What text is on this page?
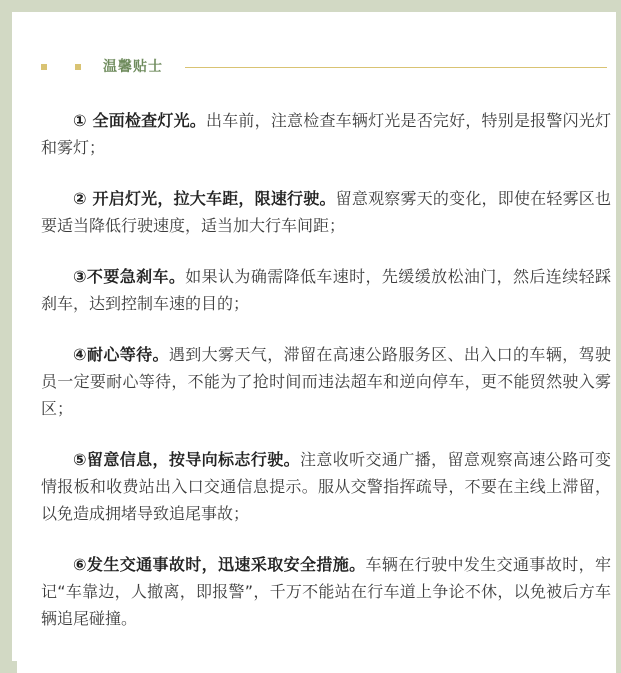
温馨贴士

① 全面检查灯光。出车前，注意检查车辆灯光是否完好，特别是报警闪光灯和雾灯；

② 开启灯光，拉大车距，限速行驶。留意观察雾天的变化，即使在轻雾区也要适当降低行驶速度，适当加大行车间距；

③不要急刹车。如果认为确需降低车速时，先缓缓放松油门，然后连续轻踩刹车，达到控制车速的目的；

④耐心等待。遇到大雾天气，滞留在高速公路服务区、出入口的车辆，驾驶员一定要耐心等待，不能为了抢时间而违法超车和逆向停车，更不能贸然驶入雾区；

⑤留意信息，按导向标志行驶。注意收听交通广播，留意观察高速公路可变情报板和收费站出入口交通信息提示。服从交警指挥疏导，不要在主线上滞留，以免造成拥堵导致追尾事故；

⑥发生交通事故时，迅速采取安全措施。车辆在行驶中发生交通事故时，牢记“车靠边，人撤离，即报警”，千万不能站在行车道上争论不休，以免被后方车辆追尾碰撞。
